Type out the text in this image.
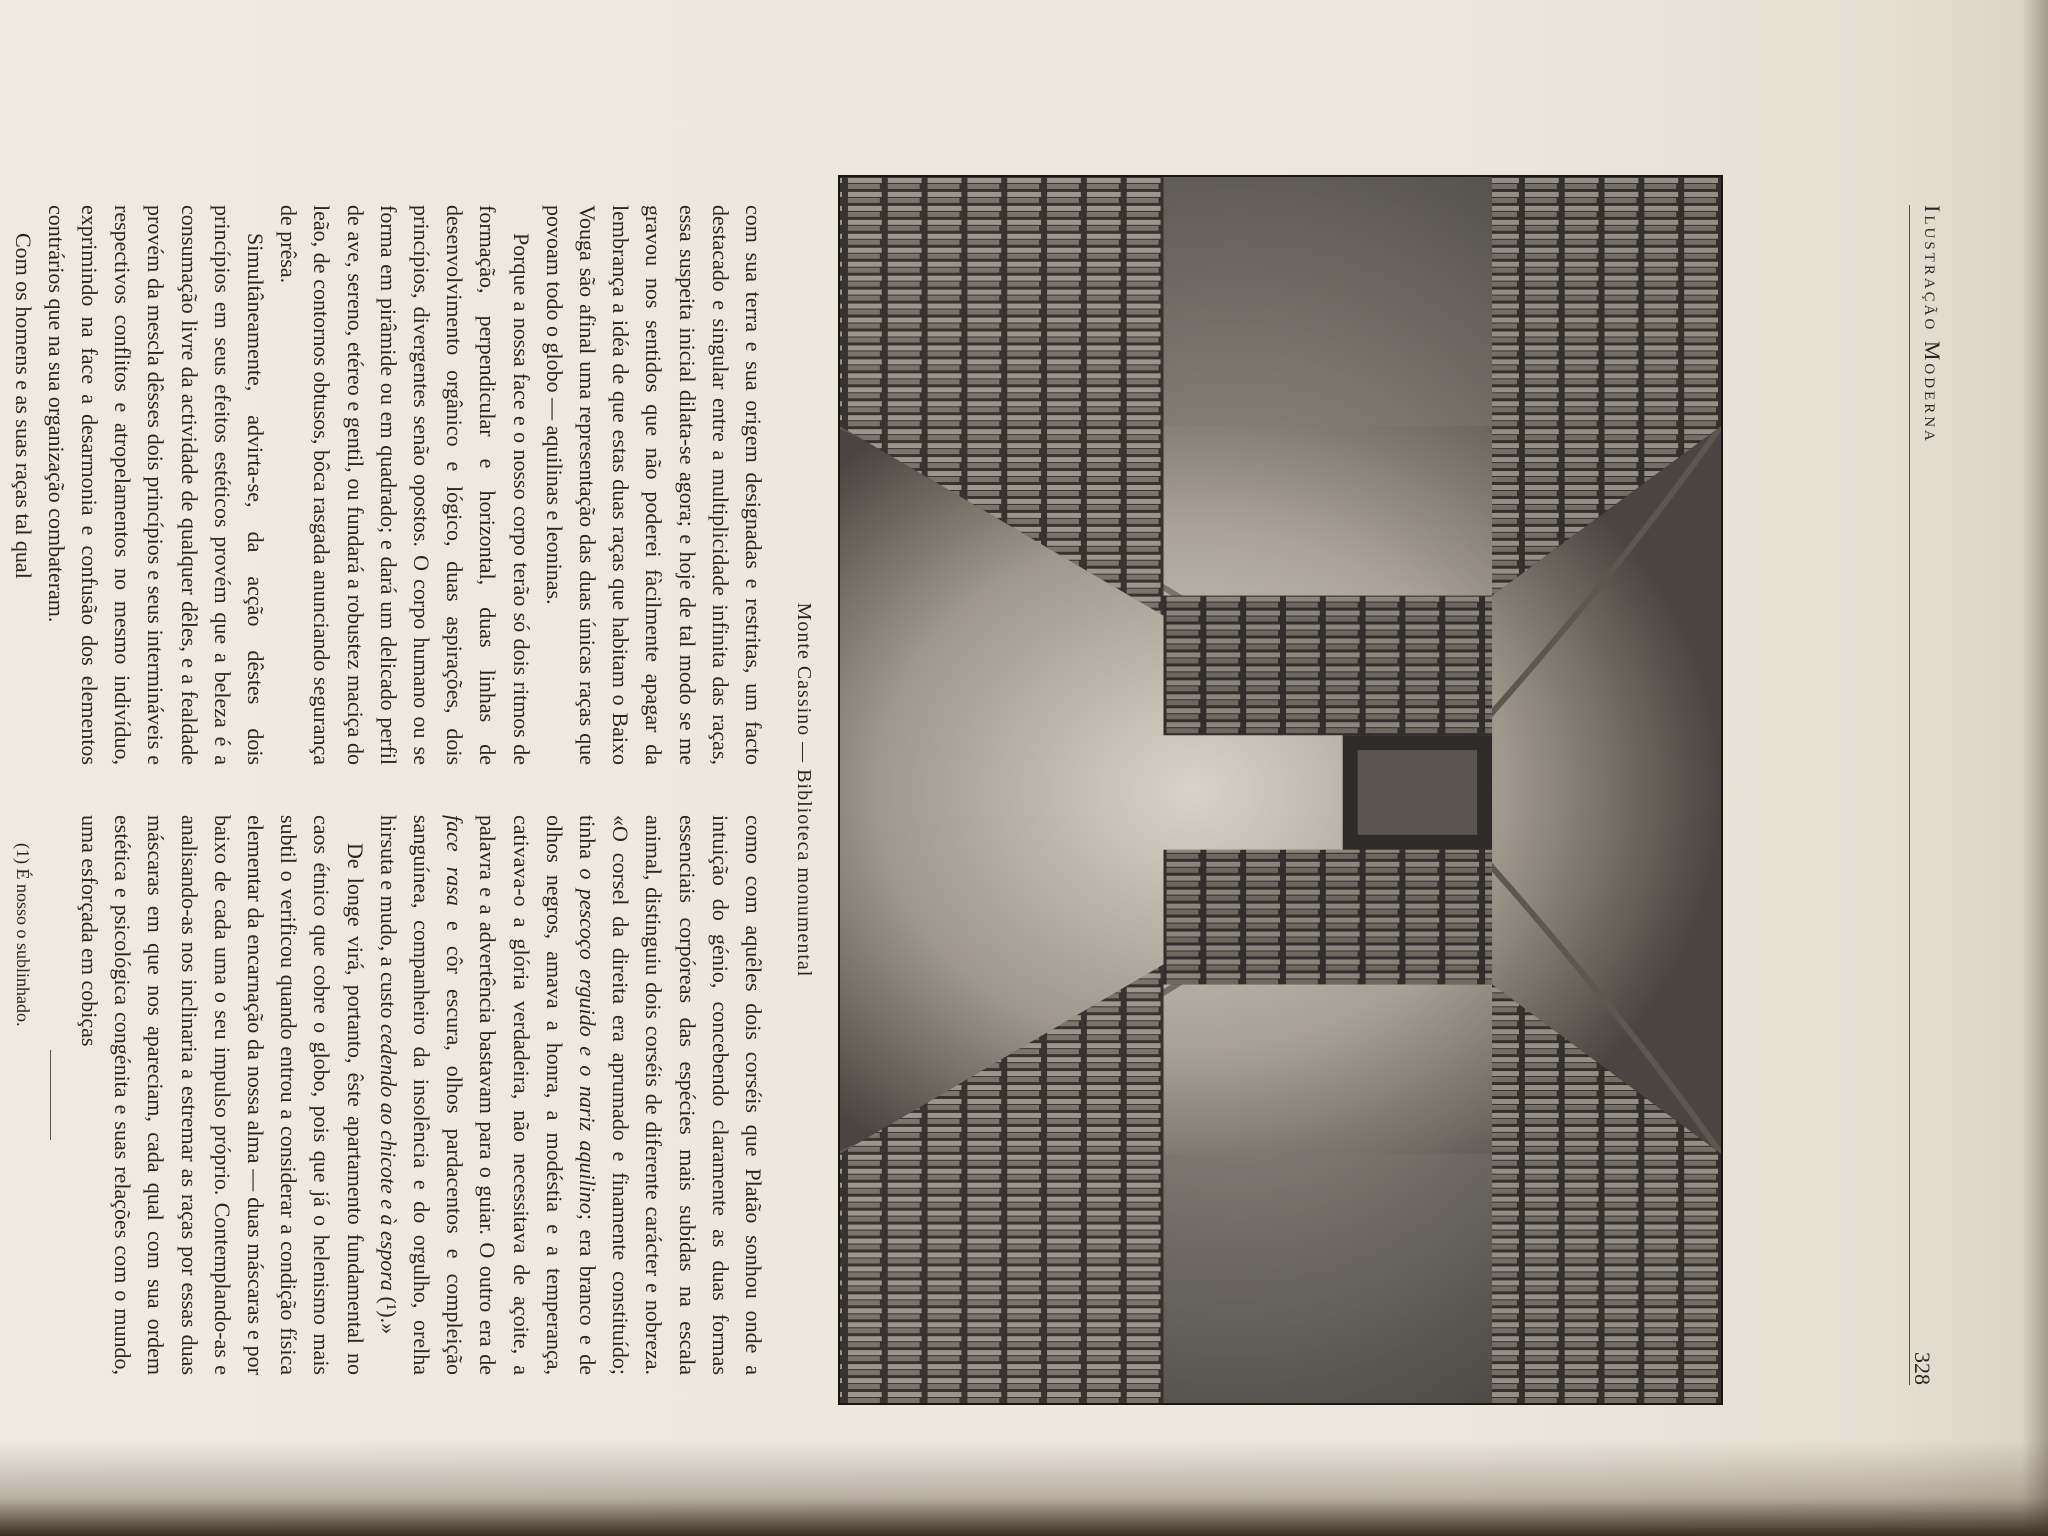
Ilustração Moderna
328
Monte Cassino — Biblioteca monumental

com sua terra e sua origem designadas e restritas, um facto destacado e singular entre a multiplicidade infinita das raças, essa suspeita inicial dilata-se agora; e hoje de tal modo se me gravou nos sentidos que não poderei fàcilmente apagar da lembrança a idéa de que estas duas raças que habitam o Baixo Vouga são afinal uma representação das duas únicas raças que povoam todo o globo — aquilinas e leoninas.

Porque a nossa face e o nosso corpo terão só dois ritmos de formação, perpendicular e horizontal, duas linhas de desenvolvimento orgânico e lógico, duas aspirações, dois princípios, divergentes senão opostos. O corpo humano ou se forma em pirâmide ou em quadrado; e dará um delicado perfil de ave, sereno, etéreo e gentil, ou fundará a robustez maciça do leão, de contornos obtusos, bôca rasgada anunciando segurança de prêsa.

Simultâneamente, advirta-se, da acção dêstes dois princípios em seus efeitos estéticos provém que a beleza é a consumação livre da actividade de qualquer dêles, e a fealdade provém da mescla dêsses dois princípios e seus intermináveis e respectivos conflitos e atropelamentos no mesmo indivíduo, exprimindo na face a desarmonia e confusão dos elementos contrários que na sua organização combateram.

Com os homens e as suas raças tal qual

como com aquêles dois corséis que Platão sonhou onde a intuição do génio, concebendo claramente as duas formas essenciais corpóreas das espécies mais subidas na escala animal, distinguiu dois corséis de diferente carácter e nobreza. «O corsel da direita era aprumado e finamente constituído; tinha o pescoço erguido e o nariz aquilino; era branco e de olhos negros, amava a honra, a modéstia e a temperança, cativava-o a glória verdadeira, não necessitava de açoite, a palavra e a advertência bastavam para o guiar. O outro era de face rasa e côr escura, olhos pardacentos e compleição sanguínea, companheiro da insolência e do orgulho, orelha hirsuta e mudo, a custo cedendo ao chicote e à espora (¹).»

De longe virá, portanto, êste apartamento fundamental no caos étnico que cobre o globo, pois que já o helenismo mais subtil o verificou quando entrou a considerar a condição física elementar da encarnação da nossa alma — duas máscaras e por baixo de cada uma o seu impulso próprio. Contemplando-as e analisando-as nos inclinaria a estremar as raças por essas duas máscaras em que nos apareciam, cada qual com sua ordem estética e psicológica congénita e suas relações com o mundo, uma esforçada em cobiças

(1) É nosso o sublinhado.
